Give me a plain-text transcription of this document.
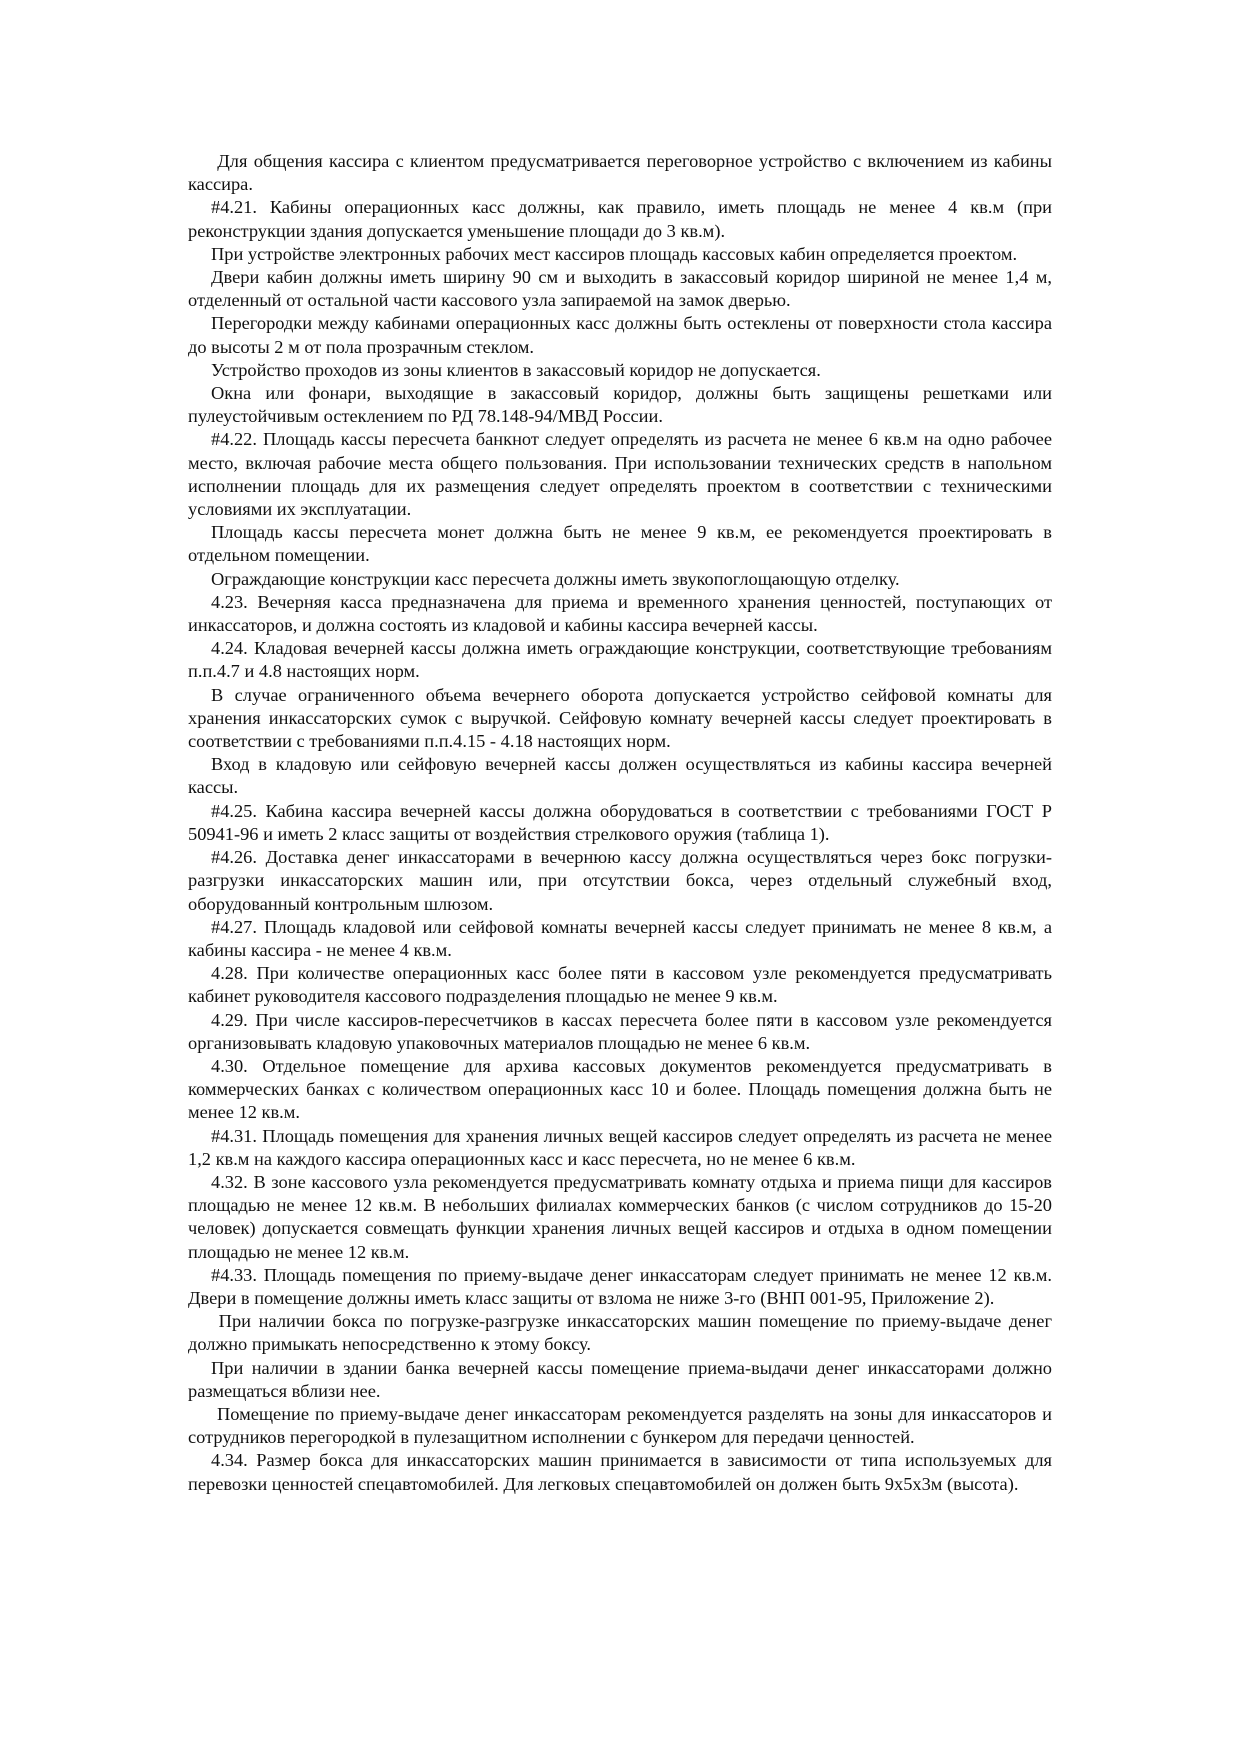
Для общения кассира с клиентом предусматривается переговорное устройство с включением из кабины кассира.

#4.21. Кабины операционных касс должны, как правило, иметь площадь не менее 4 кв.м (при реконструкции здания допускается уменьшение площади до 3 кв.м).

При устройстве электронных рабочих мест кассиров площадь кассовых кабин определяется проектом.

Двери кабин должны иметь ширину 90 см и выходить в закассовый коридор шириной не менее 1,4 м, отделенный от остальной части кассового узла запираемой на замок дверью.

Перегородки между кабинами операционных касс должны быть остеклены от поверхности стола кассира до высоты 2 м от пола прозрачным стеклом.

Устройство проходов из зоны клиентов в закассовый коридор не допускается.

Окна или фонари, выходящие в закассовый коридор, должны быть защищены решетками или пулеустойчивым остеклением по РД 78.148-94/МВД России.

#4.22. Площадь кассы пересчета банкнот следует определять из расчета не менее 6 кв.м на одно рабочее место, включая рабочие места общего пользования. При использовании технических средств в напольном исполнении площадь для их размещения следует определять проектом в соответствии с техническими условиями их эксплуатации.

Площадь кассы пересчета монет должна быть не менее 9 кв.м, ее рекомендуется проектировать в отдельном помещении.

Ограждающие конструкции касс пересчета должны иметь звукопоглощающую отделку.

4.23. Вечерняя касса предназначена для приема и временного хранения ценностей, поступающих от инкассаторов, и должна состоять из кладовой и кабины кассира вечерней кассы.

4.24. Кладовая вечерней кассы должна иметь ограждающие конструкции, соответствующие требованиям п.п.4.7 и 4.8 настоящих норм.

В случае ограниченного объема вечернего оборота допускается устройство сейфовой комнаты для хранения инкассаторских сумок с выручкой. Сейфовую комнату вечерней кассы следует проектировать в соответствии с требованиями п.п.4.15 - 4.18 настоящих норм.

Вход в кладовую или сейфовую вечерней кассы должен осуществляться из кабины кассира вечерней кассы.

#4.25. Кабина кассира вечерней кассы должна оборудоваться в соответствии с требованиями ГОСТ Р 50941-96 и иметь 2 класс защиты от воздействия стрелкового оружия (таблица 1).

#4.26. Доставка денег инкассаторами в вечернюю кассу должна осуществляться через бокс погрузки-разгрузки инкассаторских машин или, при отсутствии бокса, через отдельный служебный вход, оборудованный контрольным шлюзом.

#4.27. Площадь кладовой или сейфовой комнаты вечерней кассы следует принимать не менее 8 кв.м, а кабины кассира - не менее 4 кв.м.

4.28. При количестве операционных касс более пяти в кассовом узле рекомендуется предусматривать кабинет руководителя кассового подразделения площадью не менее 9 кв.м.

4.29. При числе кассиров-пересчетчиков в кассах пересчета более пяти в кассовом узле рекомендуется организовывать кладовую упаковочных материалов площадью не менее 6 кв.м.

4.30. Отдельное помещение для архива кассовых документов рекомендуется предусматривать в коммерческих банках с количеством операционных касс 10 и более. Площадь помещения должна быть не менее 12 кв.м.

#4.31. Площадь помещения для хранения личных вещей кассиров следует определять из расчета не менее 1,2 кв.м на каждого кассира операционных касс и касс пересчета, но не менее 6 кв.м.

4.32. В зоне кассового узла рекомендуется предусматривать комнату отдыха и приема пищи для кассиров площадью не менее 12 кв.м. В небольших филиалах коммерческих банков (с числом сотрудников до 15-20 человек) допускается совмещать функции хранения личных вещей кассиров и отдыха в одном помещении площадью не менее 12 кв.м.

#4.33. Площадь помещения по приему-выдаче денег инкассаторам следует принимать не менее 12 кв.м. Двери в помещение должны иметь класс защиты от взлома не ниже 3-го (ВНП 001-95, Приложение 2).

При наличии бокса по погрузке-разгрузке инкассаторских машин помещение по приему-выдаче денег должно примыкать непосредственно к этому боксу.

При наличии в здании банка вечерней кассы помещение приема-выдачи денег инкассаторами должно размещаться вблизи нее.

Помещение по приему-выдаче денег инкассаторам рекомендуется разделять на зоны для инкассаторов и сотрудников перегородкой в пулезащитном исполнении с бункером для передачи ценностей.

4.34. Размер бокса для инкассаторских машин принимается в зависимости от типа используемых для перевозки ценностей спецавтомобилей. Для легковых спецавтомобилей он должен быть 9х5х3м (высота).
